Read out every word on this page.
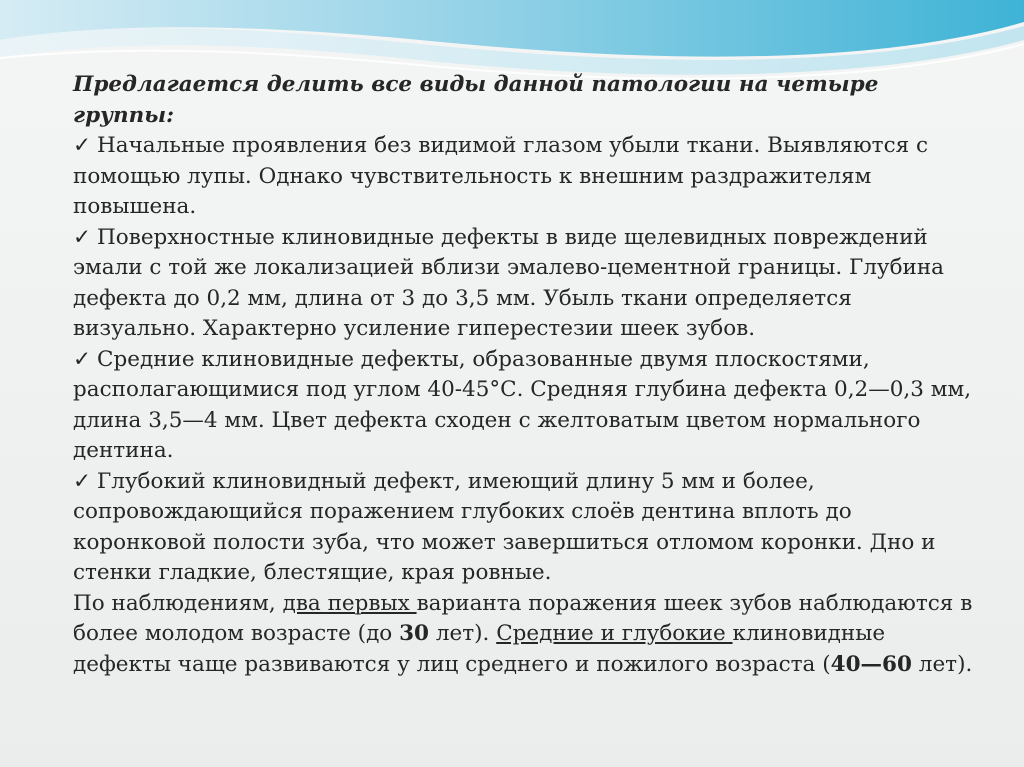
Предлагается делить все виды данной патологии на четыре группы:
✓ Начальные проявления без видимой глазом убыли ткани. Выявляются с помощью лупы. Однако чувствительность к внешним раздражителям повышена.
✓ Поверхностные клиновидные дефекты в виде щелевидных повреждений эмали с той же локализацией вблизи эмалево-цементной границы. Глубина дефекта до 0,2 мм, длина от 3 до 3,5 мм. Убыль ткани определяется визуально. Характерно усиление гиперестезии шеек зубов.
✓ Средние клиновидные дефекты, образованные двумя плоскостями, располагающимися под углом 40-45°С. Средняя глубина дефекта 0,2—0,3 мм, длина 3,5—4 мм. Цвет дефекта сходен с желтоватым цветом нормального дентина.
✓ Глубокий клиновидный дефект, имеющий длину 5 мм и более, сопровождающийся поражением глубоких слоёв дентина вплоть до коронковой полости зуба, что может завершиться отломом коронки. Дно и стенки гладкие, блестящие, края ровные.
По наблюдениям, два первых варианта поражения шеек зубов наблюдаются в более молодом возрасте (до 30 лет). Средние и глубокие клиновидные дефекты чаще развиваются у лиц среднего и пожилого возраста (40—60 лет).
